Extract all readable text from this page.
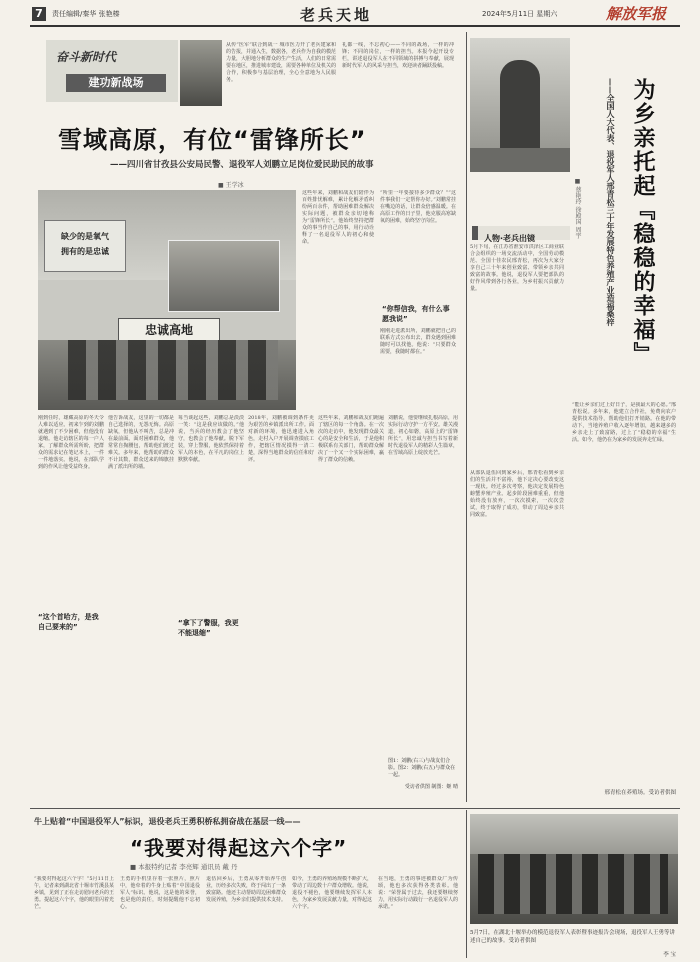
7	责任编辑/秦华 张艳榛	老兵天地	2024年5月11日 星期六	解放军报
奋斗新时代
建功新战场
从传“医军”联合到战一 城市医力开了老兵建家和的告报，并通入生，数据各，老兵作为自我的模范力量，大胆地分析群众的生产生活，人们的日常需要在地区，推进城市建设，需要各种单位及机关的合作，积极参与基层治理，全心全意地为人民服务。
礼都一线，不忘初心——不同的战场，一样的冲锋；不同的岗位，一样的担当。本报今起开设专栏，讲述退役军人在不同领域的拼搏与奉献，展现新时代军人的风采与担当，欢迎读者踊跃投稿。
雪域高原，有位“雷锋所长”
——四川省甘孜县公安局民警、退役军人刘鹏立足岗位爱民助民的故事
■ 王学冰
缺少的是氧气
拥有的是忠诚
忠诚高地
这些年来，刘鹏和战友们陪伴为百姓排忧解难，累计化解矛盾纠纷两百余件，帮助困难群众解决实际问题，被群众亲切地称为“雷锋所长”。他始终坚持把群众的事当作自己的事，用行动诠释了一名退役军人的初心和使命。
“所里一年要接待多少群众？”“这件事我们一定帮你办好。”刘鹏常挂在嘴边的话，让群众倍感温暖。在高原工作的日子里，他克服高寒缺氧的困难，始终坚守岗位。
“你帮信我，有什么事愿我说”
刚刚走进派出所，刘鹏就把自己的联系方式公布出去，群众遇到困难随时可以找他。他说：“只要群众需要，我随时都在。”
刚到任时，雄藏高原的冬天令人难以适应。初来乍到的刘鹏就遇到了不少困难，但他没有退缩。他走访辖区的每一户人家，了解群众所需所盼，把群众的需求记在笔记本上，一件一件地落实。他说，在部队学到的作风让他受益终身。
“这个首哈方，是我自己要来的”
他告诉战友，这里的一切都是自己选择的，无怨无悔。高原缺氧，但他从不叫苦，总是冲在最前面。面对困难群众，他常常自掏腰包，帮助他们渡过难关。多年来，他帮助的群众不计其数，群众送来的锦旗挂满了派出所的墙。
每当谈起这些，刘鹏总是淡淡一笑：“这是我应该做的。”他说，当兵的经历教会了他坚守，也教会了他奉献。脱下军装，穿上警服，他依然保持着军人的本色，在平凡的岗位上默默奉献。
“拿下了警服，我更不能退缩”
2018年，刘鹏被调到条件更为艰苦的乡镇派出所工作。面对新的环境，他迅速进入角色，走村入户开展调查摸底工作，把辖区情况摸得一清二楚，深得当地群众的信任和好评。
这些年来，刘鹏和战友们跑遍了辖区的每一个角落。在一次次的走访中，他发现群众最关心的是安全和生活，于是他积极联系有关部门，帮助群众解决了一个又一个实际困难，赢得了群众的信赖。
刘鹏说，他要继续扎根高原，用实际行动守护一方平安。雄关漫道，初心如磐，高原上的“雷锋所长”，用忠诚与担当书写着新时代退役军人的精彩人生篇章，在雪域高原上绽放光芒。
图1：刘鹏(右三)与战友们合影。图2：刘鹏(右五)与群众在一起。
受访者供图 制图：姬 晴
为乡亲托起『稳稳的幸福』
——全国人大代表、退役军人邢青松三十年发展特色养殖产业造福桑梓
■ 蔡艳玲 徐殿国 周宇
人物·老兵出镜
5月下旬，在江苏省淮安市洪泽区工商业联合会组织的一场交流活动中，全国劳动模范、全国十佳农民邢青松，再次为大家分享自己三十年来创业致富、带领乡亲共同致富的故事。他说，退役军人要把部队的好作风带到各行各业，为乡村振兴贡献力量。
从部队退伍回到家乡后，邢青松看到乡亲们的生活并不富裕，他下定决心要改变这一现状。经过多次考察，他决定发展特色螃蟹养殖产业。起步阶段困难重重，但他始终没有放弃，一次次摸索，一次次尝试，终于取得了成功，带动了周边乡亲共同致富。
“能让乡亲们过上好日子，是我最大的心愿。”邢青松说。多年来，他建立合作社，免费向农户提供技术指导，帮助他们打开销路。在他的带动下，当地养殖户收入逐年增加，越来越多的乡亲走上了致富路，过上了“稳稳的幸福”生活。如今，他仍在为家乡的发展奔走忙碌。
邢青松在养殖场。受访者供图
牛上贴着“中国退役军人”标识，退役老兵王勇积桥私拥奋战在基层一线——
“我要对得起这六个字”
■ 本报特约记者 李亮辉 通讯员 戴 丹
“我要对得起这六个字！”5月11日上午，记者来到湖北省十堰市竹溪县某乡镇，见到了正在走访慰问老兵的王勇。提起这六个字，他的眼里闪着光芒。
王勇的手机里存着一张照片，照片中，他牵着的牛身上贴着“中国退役军人”标识。他说，这是他的荣誉，也是他的责任，时刻提醒他不忘初心。
退伍回乡后，王勇从零开始养牛创业，历经多次失败，终于闯出了一条致富路。他还主动帮助周边困难群众发展养殖，为乡亲们提供技术支持。
如今，王勇的养殖场规模不断扩大，带动了周边数十户群众增收。他说，退役不褪色，他要继续发挥军人本色，为家乡发展贡献力量，对得起这六个字。
在当地，王勇的事迹被群众广为传颂，他也多次获得各类表彰。他说：“荣誉属于过去，我还要继续努力，用实际行动践行一名退役军人的承诺。”
5月7日，在湖北十堰举办的模范退役军人表彰暨事迹报告会现场，退役军人王勇等讲述自己的故事。受访者供图
李 宝
